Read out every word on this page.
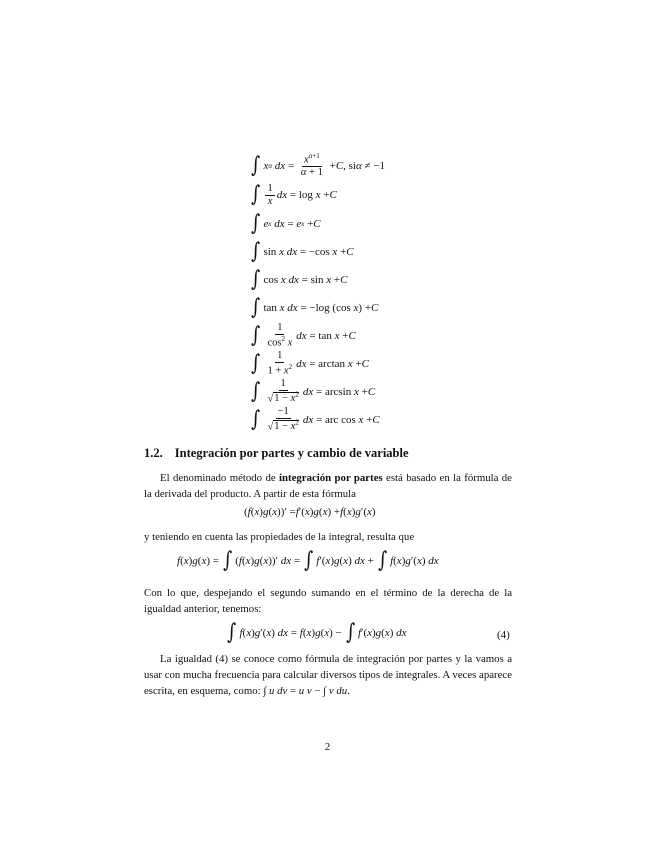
∫ x α
dx = $\frac{x^{\alpha+1}}{\alpha + 1} + C$ , si α ≠ −1
∫ $\frac{1}{x}$ dx = log
x + C
∫ e x
dx = e x + C
∫ sin
x dx = − cos
x + C
∫ cos
x dx = sin
x + C
∫ tan
x dx = − log ( cos
x ) + C
∫ $\frac{1}{\cos^2 x}$ dx = tan
x + C
∫ $\frac{1}{1 + x^2}$ dx = arctan
x + C
∫ $\frac{1}{√1 - x^2}$ dx = arcsin
x + C
∫ $\frac{-1}{√1 - x^2}$ dx = arc cos
x + C
1.2. Integración por partes y cambio de variable
El denominado método de integración por partes está basado en la fórmula de la derivada del producto. A partir de esta fórmula
( f ( x ) g ( x ))′ = f ′( x ) g ( x ) + f ( x ) g ′( x )
y teniendo en cuenta las propiedades de la integral, resulta que
f ( x ) g ( x ) = ∫ ( f ( x ) g ( x ))′ dx = ∫ f ′( x ) g ( x ) dx + ∫ f ( x ) g ′( x ) dx
Con lo que, despejando el segundo sumando en el término de la derecha de la igualdad anterior, tenemos:
∫ f ( x ) g ′( x ) dx = f ( x ) g ( x ) − ∫ f ′( x ) g ( x ) dx	(4)
La igualdad (4) se conoce como fórmula de integración por partes y la vamos a usar con mucha frecuencia para calcular diversos tipos de integrales. A veces aparece escrita, en esquema, como: ∫ u dv = u v − ∫ v du.
2
